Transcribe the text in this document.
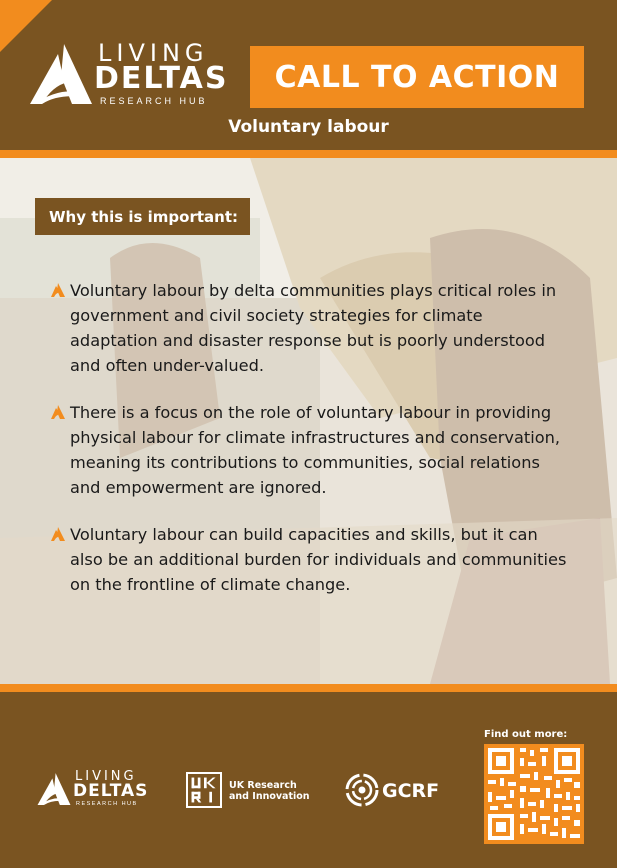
LIVING
DELTAS
RESEARCH HUB
CALL TO ACTION
Voluntary labour
Why this is important:
Voluntary labour by delta communities plays critical roles in government and civil society strategies for climate adaptation and disaster response but is poorly understood and often under-valued.
There is a focus on the role of voluntary labour in providing physical labour for climate infrastructures and conservation, meaning its contributions to communities, social relations and empowerment are ignored.
Voluntary labour can build capacities and skills, but it can also be an additional burden for individuals and communities on the frontline of climate change.
LIVING
DELTAS
RESEARCH HUB
UK Research
and Innovation	GCRF
Find out more:
